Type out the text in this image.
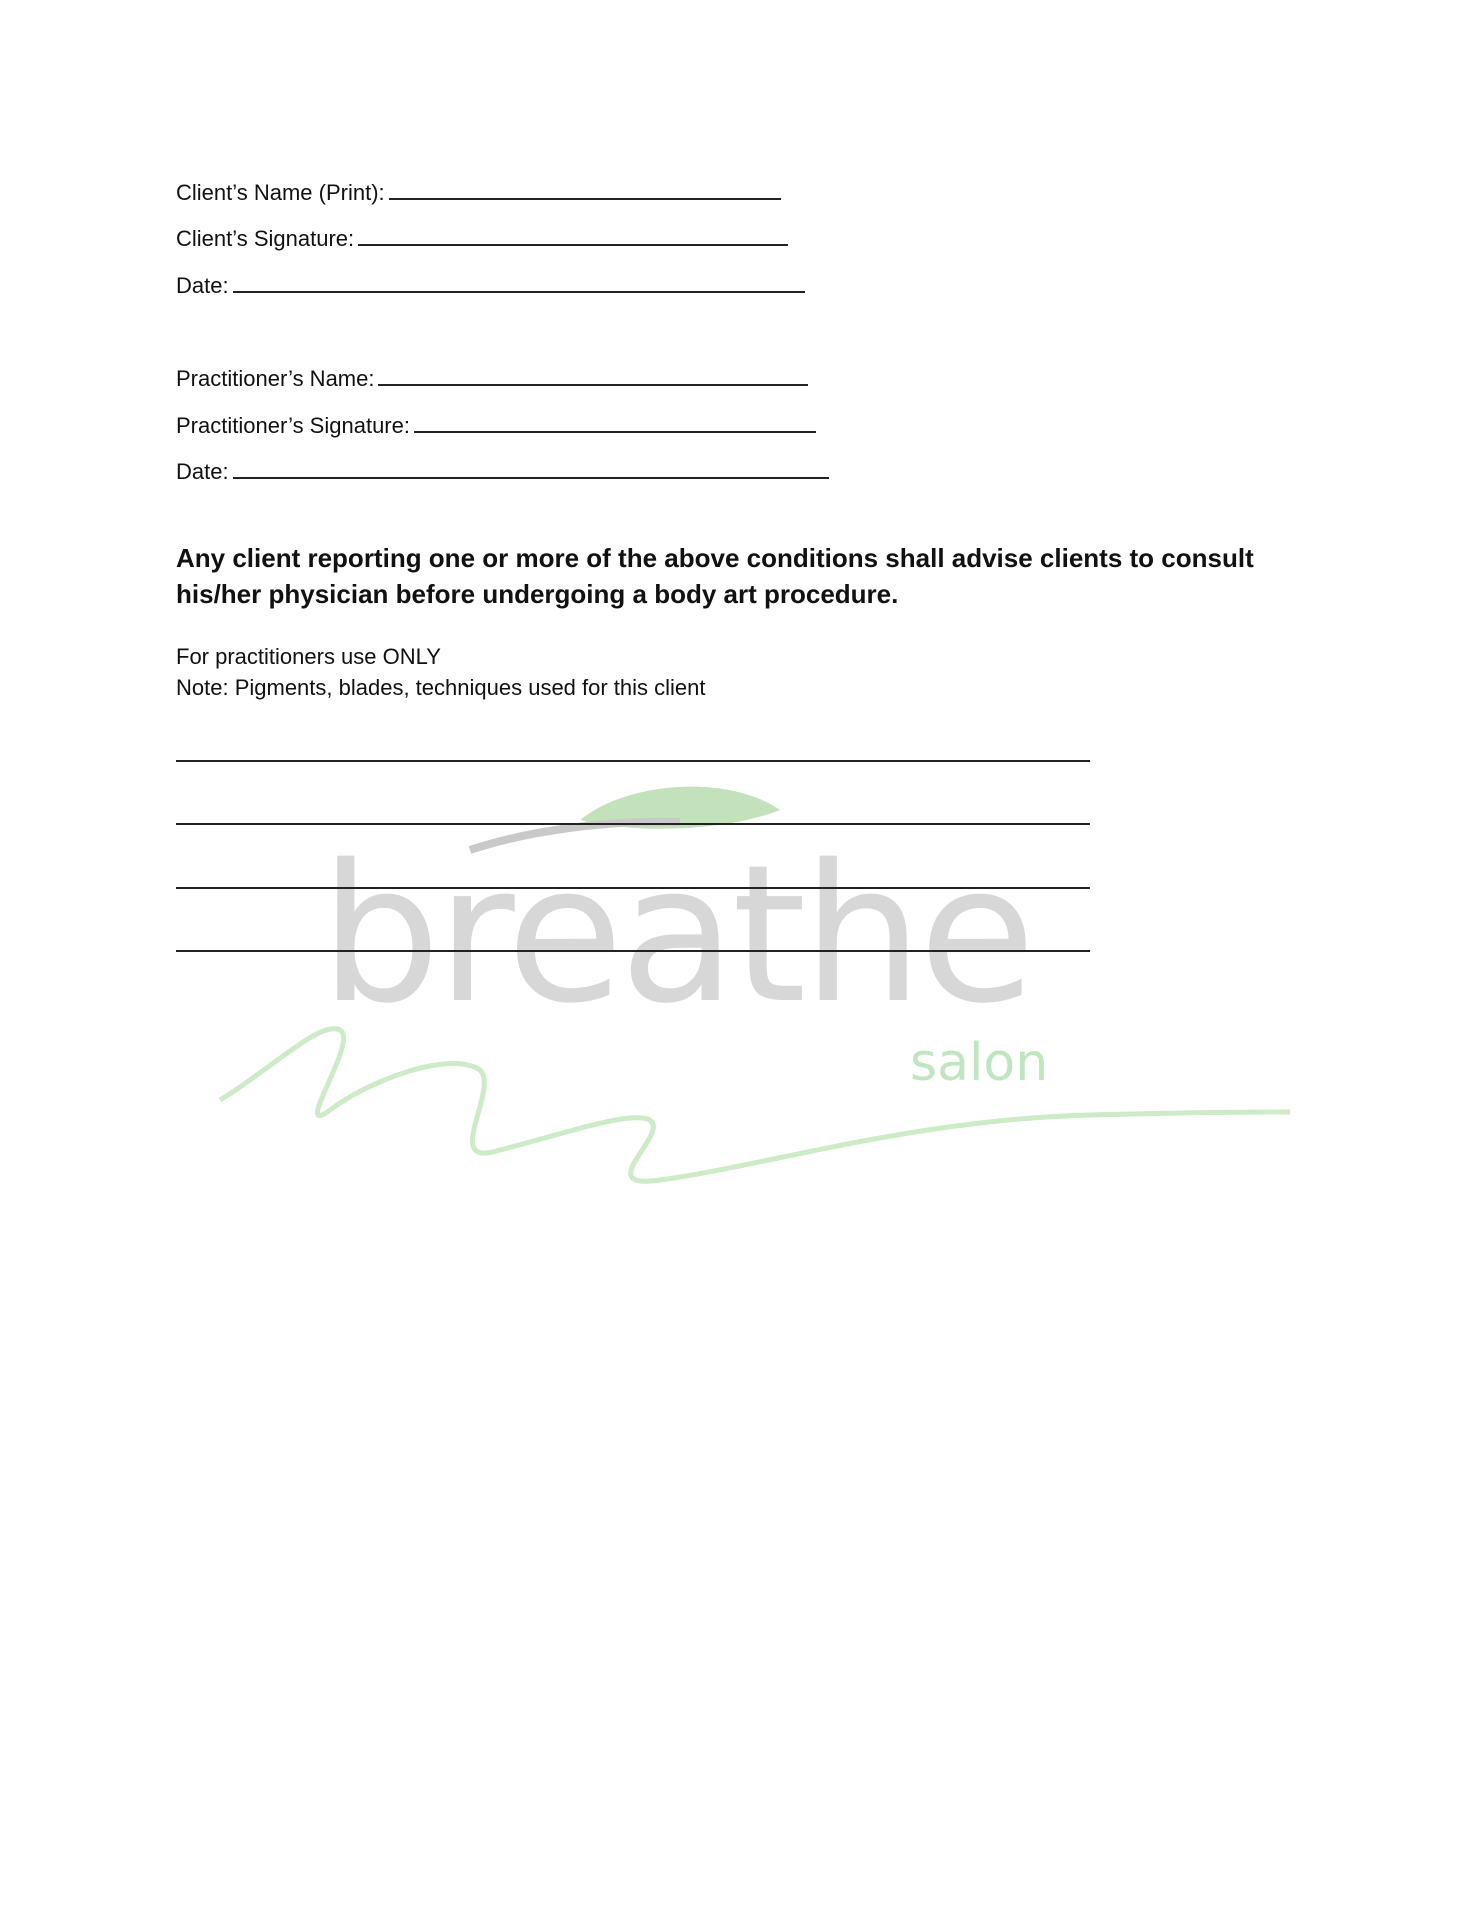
breathe
salon
Client’s Name (Print):
Client’s Signature:
Date:
Practitioner’s Name:
Practitioner’s Signature:
Date:
Any client reporting one or more of the above conditions shall advise clients to consult his/her physician before undergoing a body art procedure.
For practitioners use ONLY
Note: Pigments, blades, techniques used for this client
